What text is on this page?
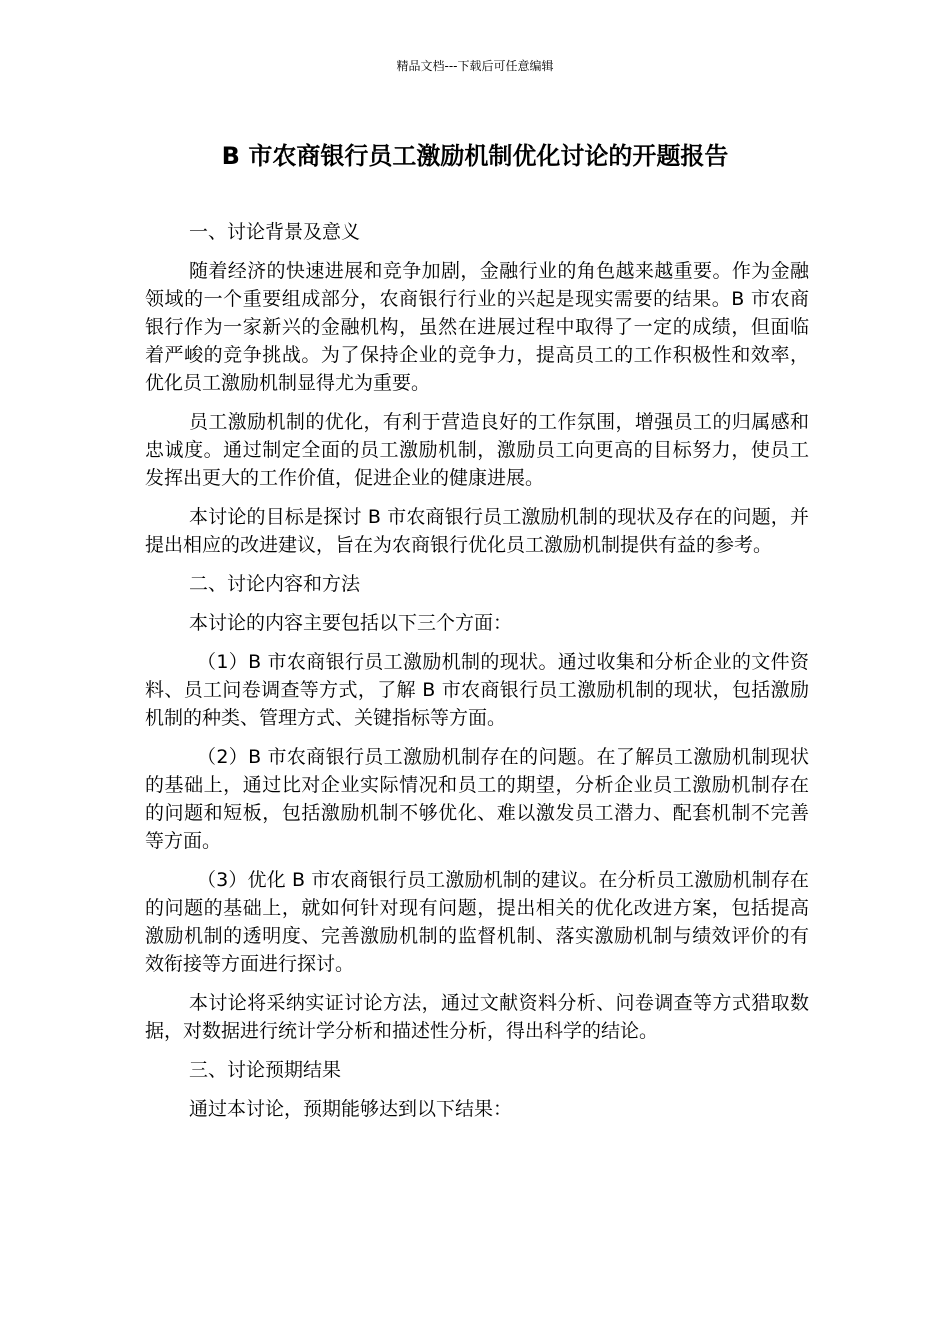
精品文档---下载后可任意编辑
B 市农商银行员工激励机制优化讨论的开题报告

一、讨论背景及意义

随着经济的快速进展和竞争加剧，金融行业的角色越来越重要。作为金融领域的一个重要组成部分，农商银行行业的兴起是现实需要的结果。B 市农商银行作为一家新兴的金融机构，虽然在进展过程中取得了一定的成绩，但面临着严峻的竞争挑战。为了保持企业的竞争力，提高员工的工作积极性和效率，优化员工激励机制显得尤为重要。

员工激励机制的优化，有利于营造良好的工作氛围，增强员工的归属感和忠诚度。通过制定全面的员工激励机制，激励员工向更高的目标努力，使员工发挥出更大的工作价值，促进企业的健康进展。

本讨论的目标是探讨 B 市农商银行员工激励机制的现状及存在的问题，并提出相应的改进建议，旨在为农商银行优化员工激励机制提供有益的参考。

二、讨论内容和方法

本讨论的内容主要包括以下三个方面：

（1）B 市农商银行员工激励机制的现状。通过收集和分析企业的文件资料、员工问卷调查等方式，了解 B 市农商银行员工激励机制的现状，包括激励机制的种类、管理方式、关键指标等方面。

（2）B 市农商银行员工激励机制存在的问题。在了解员工激励机制现状的基础上，通过比对企业实际情况和员工的期望，分析企业员工激励机制存在的问题和短板，包括激励机制不够优化、难以激发员工潜力、配套机制不完善等方面。

（3）优化 B 市农商银行员工激励机制的建议。在分析员工激励机制存在的问题的基础上，就如何针对现有问题，提出相关的优化改进方案，包括提高激励机制的透明度、完善激励机制的监督机制、落实激励机制与绩效评价的有效衔接等方面进行探讨。

本讨论将采纳实证讨论方法，通过文献资料分析、问卷调查等方式猎取数据，对数据进行统计学分析和描述性分析，得出科学的结论。

三、讨论预期结果

通过本讨论，预期能够达到以下结果：
